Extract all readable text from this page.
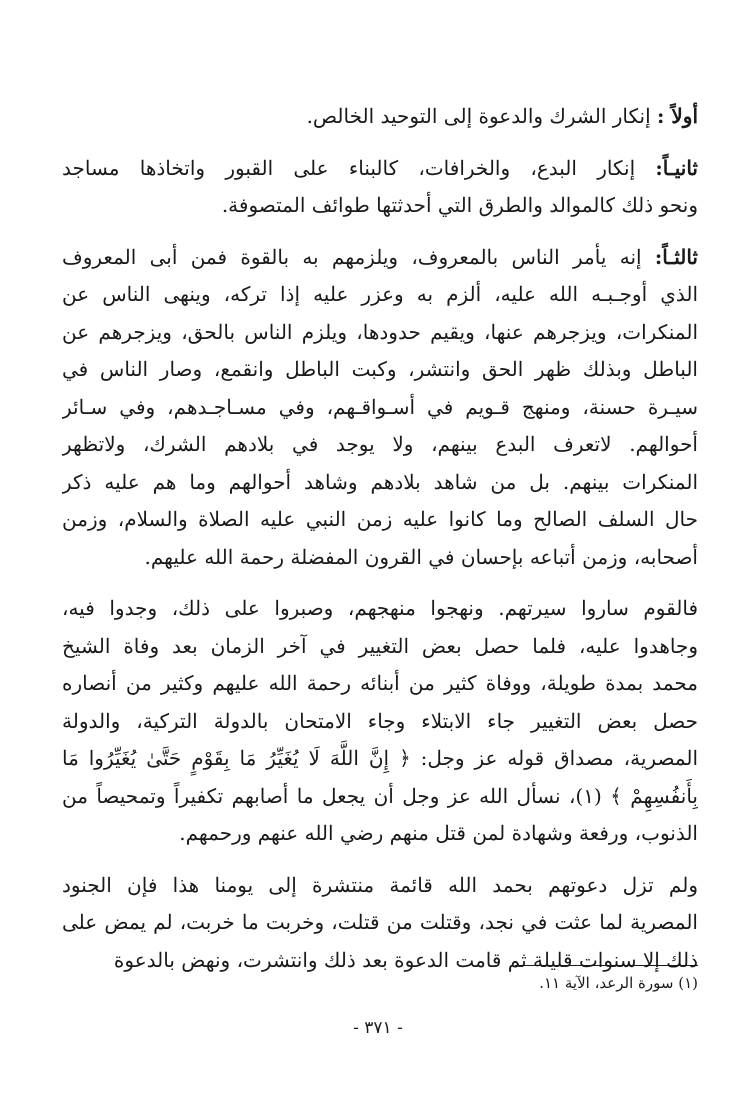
أولاً : إنكار الشرك والدعوة إلى التوحيد الخالص.
ثانيـاً: إنكار البدع، والخرافات، كالبناء على القبور واتخاذها مساجد
ونحو ذلك كالموالد والطرق التي أحدثتها طوائف المتصوفة.
ثالثـاً: إنه يأمر الناس بالمعروف، ويلزمهم به بالقوة فمن أبى المعروف
الذي أوجـبـه الله عليه، ألزم به وعزر عليه إذا تركه، وينهى الناس عن
المنكرات، ويزجرهم عنها، ويقيم حدودها، ويلزم الناس بالحق، ويزجرهم عن
الباطل وبذلك ظهر الحق وانتشر، وكبت الباطل وانقمع، وصار الناس في
سيـرة حسنة، ومنهج قـويم في أسـواقـهم، وفي مسـاجـدهم، وفي سـائر
أحوالهم. لاتعرف البدع بينهم، ولا يوجد في بلادهم الشرك، ولاتظهر
المنكرات بينهم. بل من شاهد بلادهم وشاهد أحوالهم وما هم عليه ذكر
حال السلف الصالح وما كانوا عليه زمن النبي عليه الصلاة والسلام، وزمن
أصحابه، وزمن أتباعه بإحسان في القرون المفضلة رحمة الله عليهم.
فالقوم ساروا سيرتهم. ونهجوا منهجهم، وصبروا على ذلك، وجدوا فيه،
وجاهدوا عليه، فلما حصل بعض التغيير في آخر الزمان بعد وفاة الشيخ
محمد بمدة طويلة، ووفاة كثير من أبنائه رحمة الله عليهم وكثير من أنصاره
حصل بعض التغيير جاء الابتلاء وجاء الامتحان بالدولة التركية، والدولة
المصرية، مصداق قوله عز وجل: ﴿ إِنَّ اللَّهَ لَا يُغَيِّرُ مَا بِقَوْمٍ حَتَّىٰ يُغَيِّرُوا مَا
بِأَنفُسِهِمْ ﴾ (١)، نسأل الله عز وجل أن يجعل ما أصابهم تكفيراً وتمحيصاً من
الذنوب، ورفعة وشهادة لمن قتل منهم رضي الله عنهم ورحمهم.
ولم تزل دعوتهم بحمد الله قائمة منتشرة إلى يومنا هذا فإن الجنود
المصرية لما عثت في نجد، وقتلت من قتلت، وخربت ما خربت، لم يمض على
ذلك إلا سنوات قليلة ثم قامت الدعوة بعد ذلك وانتشرت، ونهض بالدعوة
(١) سورة الرعد، الآية ١١.
- ٣٧١ -
